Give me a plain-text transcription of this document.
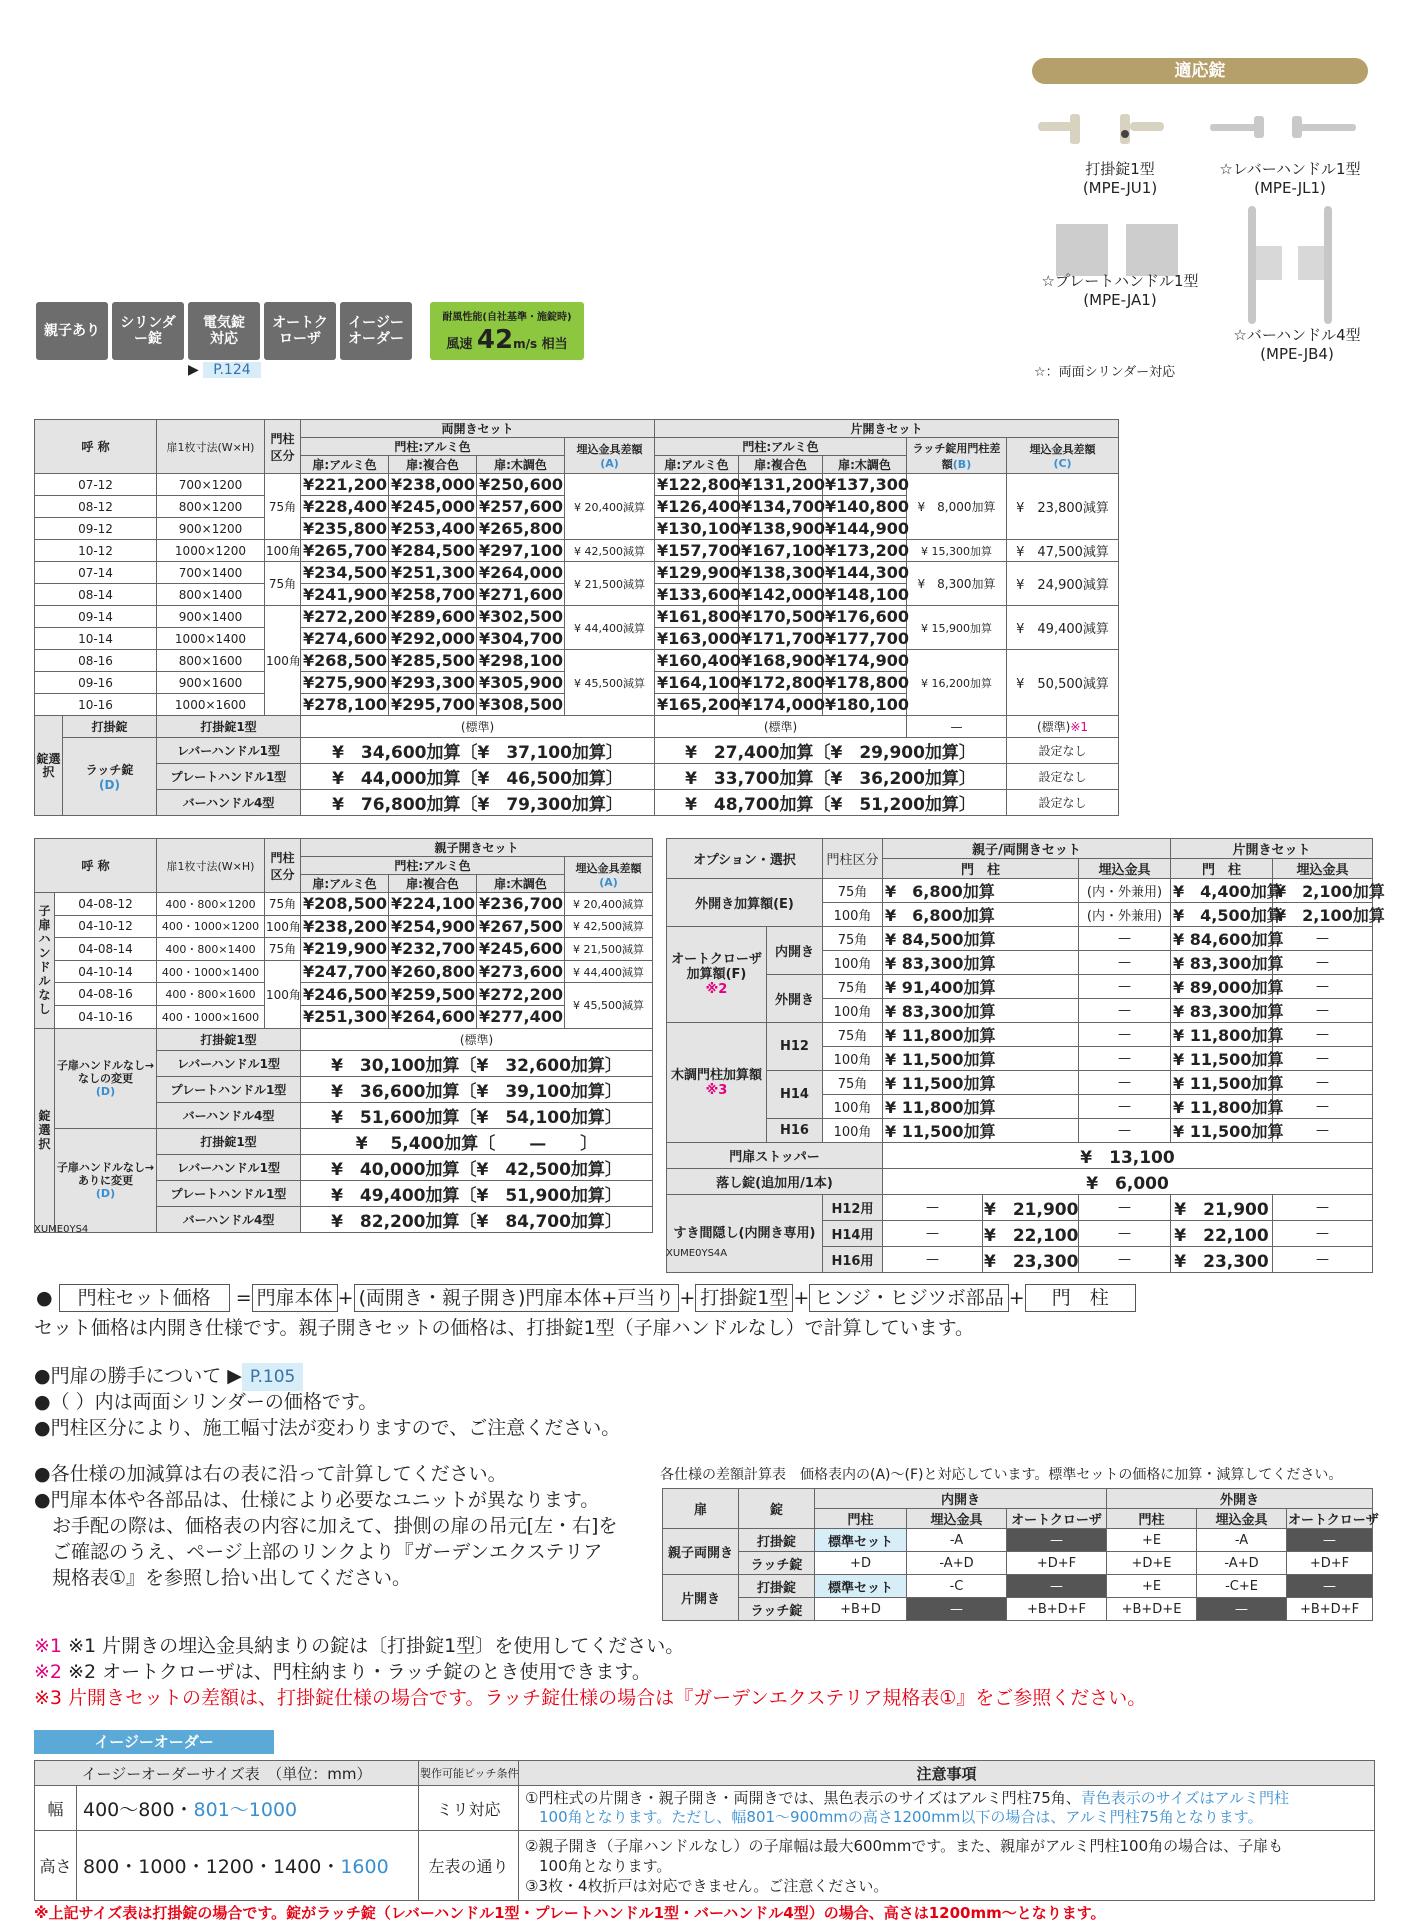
適応錠
打掛錠1型
(MPE-JU1)
☆レバーハンドル1型
(MPE-JL1)
☆プレートハンドル1型
(MPE-JA1)
☆バーハンドル4型
(MPE-JB4)
☆：両面シリンダー対応
親子あり
シリンダー錠
電気錠対応
オートクローザ
イージーオーダー
耐風性能(自社基準・施錠時)
風速 42m/s 相当
▶ P.124
呼 称		扉1枚寸法(W×H)	門柱区分	両開きセット				片開きセット				
				門柱:アルミ色			埋込金具差額
(A)	門柱:アルミ色			ラッチ錠用門柱差額(B)	埋込金具差額
(C)
				扉:アルミ色	扉:複合色	扉:木調色		扉:アルミ色	扉:複合色	扉:木調色		
07-12		700×1200	75角	¥221,200	¥238,000	¥250,600	¥ 20,400減算	¥122,800	¥131,200	¥137,300	¥　8,000加算	¥　23,800減算
08-12		800×1200		¥228,400	¥245,000	¥257,600		¥126,400	¥134,700	¥140,800		
09-12		900×1200		¥235,800	¥253,400	¥265,800		¥130,100	¥138,900	¥144,900		
10-12		1000×1200	100角	¥265,700	¥284,500	¥297,100	¥ 42,500減算	¥157,700	¥167,100	¥173,200	¥ 15,300加算	¥　47,500減算
07-14		700×1400	75角	¥234,500	¥251,300	¥264,000	¥ 21,500減算	¥129,900	¥138,300	¥144,300	¥　8,300加算	¥　24,900減算
08-14		800×1400		¥241,900	¥258,700	¥271,600		¥133,600	¥142,000	¥148,100		
09-14		900×1400	100角	¥272,200	¥289,600	¥302,500	¥ 44,400減算	¥161,800	¥170,500	¥176,600	¥ 15,900加算	¥　49,400減算
10-14		1000×1400		¥274,600	¥292,000	¥304,700		¥163,000	¥171,700	¥177,700		
08-16		800×1600		¥268,500	¥285,500	¥298,100	¥ 45,500減算	¥160,400	¥168,900	¥174,900	¥ 16,200加算	¥　50,500減算
09-16		900×1600		¥275,900	¥293,300	¥305,900		¥164,100	¥172,800	¥178,800		
10-16		1000×1600		¥278,100	¥295,700	¥308,500		¥165,200	¥174,000	¥180,100		
錠選択	打掛錠	打掛錠1型		(標準)				(標準)			—	(標準)※1
	ラッチ錠
(D)	レバーハンドル1型		¥　34,600加算〔¥　37,100加算〕				¥　27,400加算〔¥　29,900加算〕				設定なし
		プレートハンドル1型		¥　44,000加算〔¥　46,500加算〕				¥　33,700加算〔¥　36,200加算〕				設定なし
		バーハンドル4型		¥　76,800加算〔¥　79,300加算〕				¥　48,700加算〔¥　51,200加算〕				設定なし
呼 称		扉1枚寸法(W×H)	門柱区分	親子開きセット			
				門柱:アルミ色			埋込金具差額
(A)
				扉:アルミ色	扉:複合色	扉:木調色	
子扉ハンドルなし	04-08-12	400・800×1200	75角	¥208,500	¥224,100	¥236,700	¥ 20,400減算
	04-10-12	400・1000×1200	100角	¥238,200	¥254,900	¥267,500	¥ 42,500減算
	04-08-14	400・800×1400	75角	¥219,900	¥232,700	¥245,600	¥ 21,500減算
	04-10-14	400・1000×1400	100角	¥247,700	¥260,800	¥273,600	¥ 44,400減算
	04-08-16	400・800×1600		¥246,500	¥259,500	¥272,200	¥ 45,500減算
	04-10-16	400・1000×1600		¥251,300	¥264,600	¥277,400	
錠選択	子扉ハンドルなし→なしの変更
(D)	打掛錠1型		(標準)			
		レバーハンドル1型		¥　30,100加算〔¥　32,600加算〕			
		プレートハンドル1型		¥　36,600加算〔¥　39,100加算〕			
		バーハンドル4型		¥　51,600加算〔¥　54,100加算〕			
	子扉ハンドルなし→ありに変更
(D)	打掛錠1型		¥　 5,400加算〔　　—　　〕			
		レバーハンドル1型		¥　40,000加算〔¥　42,500加算〕			
		プレートハンドル1型		¥　49,400加算〔¥　51,900加算〕			
		バーハンドル4型		¥　82,200加算〔¥　84,700加算〕			
XUME0YS4
オプション・選択		門柱区分	親子/両開きセット			片開きセット	
			門　柱		埋込金具	門　柱	埋込金具
外開き加算額(E)		75角	¥　6,800加算		(内・外兼用)	¥　4,400加算	¥　2,100加算
		100角	¥　6,800加算		(内・外兼用)	¥　4,500加算	¥　2,100加算
オートクローザ加算額(F)
※2	内開き	75角	¥ 84,500加算		—	¥ 84,600加算	—
		100角	¥ 83,300加算		—	¥ 83,300加算	—
	外開き	75角	¥ 91,400加算		—	¥ 89,000加算	—
		100角	¥ 83,300加算		—	¥ 83,300加算	—
木調門柱加算額
※3	H12	75角	¥ 11,800加算		—	¥ 11,800加算	—
		100角	¥ 11,500加算		—	¥ 11,500加算	—
	H14	75角	¥ 11,500加算		—	¥ 11,500加算	—
		100角	¥ 11,800加算		—	¥ 11,800加算	—
	H16	100角	¥ 11,500加算		—	¥ 11,500加算	—
門扉ストッパー			¥　13,100				
落し錠(追加用/1本)			¥　6,000				
すき間隠し(内開き専用)		H12用	—	¥　21,900	—	¥　21,900	—
		H14用	—	¥　22,100	—	¥　22,100	—
		H16用	—	¥　23,300	—	¥　23,300	—
XUME0YS4A
● 門柱セット価格 = 門扉本体 + (両開き・親子開き)門扉本体+戸当り + 打掛錠1型 + ヒンジ・ヒジツボ部品 + 門　柱
セット価格は内開き仕様です。親子開きセットの価格は、打掛錠1型（子扉ハンドルなし）で計算しています。
●門扉の勝手について ▶ P.105
●（ ）内は両面シリンダーの価格です。
●門柱区分により、施工幅寸法が変わりますので、ご注意ください。
●各仕様の加減算は右の表に沿って計算してください。
●門扉本体や各部品は、仕様により必要なユニットが異なります。
お手配の際は、価格表の内容に加えて、掛側の扉の吊元[左・右]を
ご確認のうえ、ページ上部のリンクより『ガーデンエクステリア
規格表①』を参照し拾い出してください。
各仕様の差額計算表　価格表内の(A)～(F)と対応しています。標準セットの価格に加算・減算してください。
扉	錠	内開き			外開き		
		門柱	埋込金具	オートクローザ	門柱	埋込金具	オートクローザ
親子両開き	打掛錠	標準セット	-A	—	+E	-A	—
	ラッチ錠	+D	-A+D	+D+F	+D+E	-A+D	+D+F
片開き	打掛錠	標準セット	-C	—	+E	-C+E	—
	ラッチ錠	+B+D	—	+B+D+F	+B+D+E	—	+B+D+F
※1 ※1 片開きの埋込金具納まりの錠は〔打掛錠1型〕を使用してください。
※2 ※2 オートクローザは、門柱納まり・ラッチ錠のとき使用できます。
※3 片開きセットの差額は、打掛錠仕様の場合です。ラッチ錠仕様の場合は『ガーデンエクステリア規格表①』をご参照ください。
イージーオーダー
イージーオーダーサイズ表　（単位：mm）		製作可能ピッチ条件	注意事項
幅	400～800・801～1000	ミリ対応	①門柱式の片開き・親子開き・両開きでは、黒色表示のサイズはアルミ門柱75角、青色表示のサイズはアルミ門柱
100角となります。ただし、幅801～900mmの高さ1200mm以下の場合は、アルミ門柱75角となります。
高さ	800・1000・1200・1400・1600	左表の通り	②親子開き（子扉ハンドルなし）の子扉幅は最大600mmです。また、親扉がアルミ門柱100角の場合は、子扉も
100角となります。
③3枚・4枚折戸は対応できません。ご注意ください。
※上記サイズ表は打掛錠の場合です。錠がラッチ錠（レバーハンドル1型・プレートハンドル1型・バーハンドル4型）の場合、高さは1200mm～となります。
